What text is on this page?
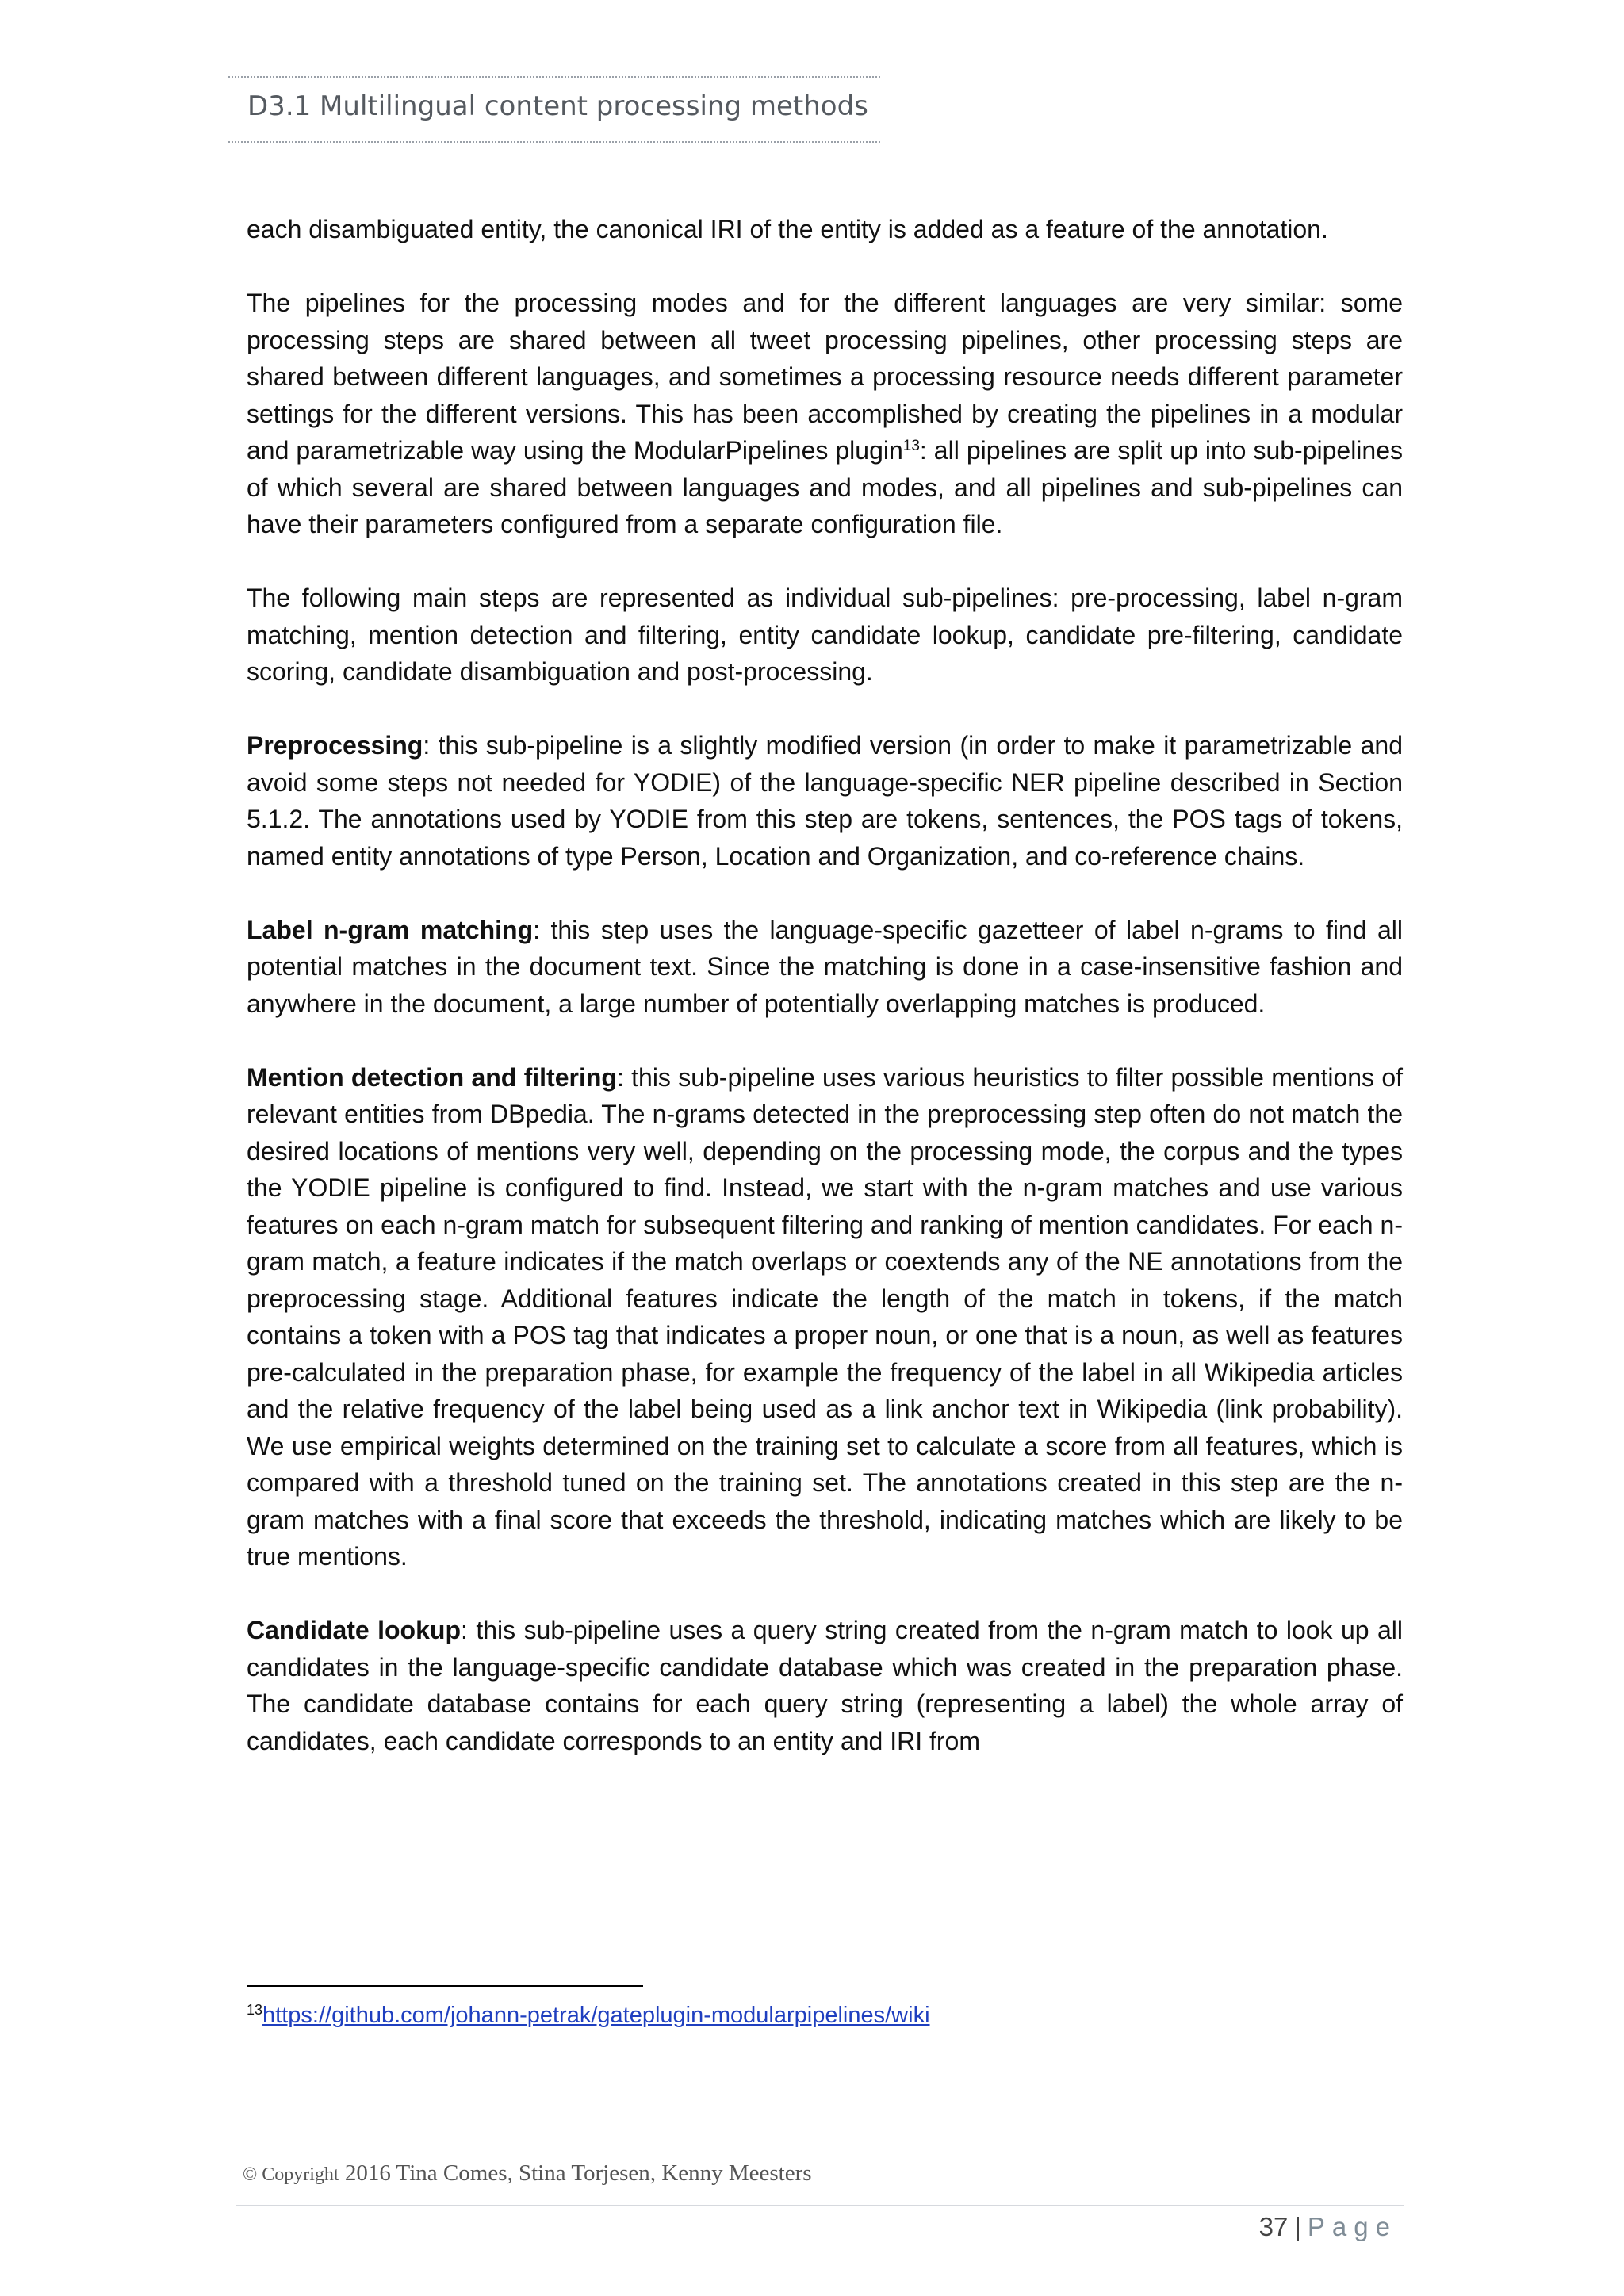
D3.1 Multilingual content processing methods

each disambiguated entity, the canonical IRI of the entity is added as a feature of the annotation.

The pipelines for the processing modes and for the different languages are very similar: some processing steps are shared between all tweet processing pipelines, other processing steps are shared between different languages, and sometimes a processing resource needs different parameter settings for the different versions. This has been accomplished by creating the pipelines in a modular and parametrizable way using the ModularPipelines plugin$^{13}$: all pipelines are split up into sub-pipelines of which several are shared between languages and modes, and all pipelines and sub-pipelines can have their parameters configured from a separate configuration file.

The following main steps are represented as individual sub-pipelines: pre-processing, label n-gram matching, mention detection and filtering, entity candidate lookup, candidate pre-filtering, candidate scoring, candidate disambiguation and post-processing.

Preprocessing: this sub-pipeline is a slightly modified version (in order to make it parametrizable and avoid some steps not needed for YODIE) of the language-specific NER pipeline described in Section 5.1.2. The annotations used by YODIE from this step are tokens, sentences, the POS tags of tokens, named entity annotations of type Person, Location and Organization, and co-reference chains.

Label n-gram matching: this step uses the language-specific gazetteer of label n-grams to find all potential matches in the document text. Since the matching is done in a case-insensitive fashion and anywhere in the document, a large number of potentially overlapping matches is produced.

Mention detection and filtering: this sub-pipeline uses various heuristics to filter possible mentions of relevant entities from DBpedia. The n-grams detected in the preprocessing step often do not match the desired locations of mentions very well, depending on the processing mode, the corpus and the types the YODIE pipeline is configured to find. Instead, we start with the n-gram matches and use various features on each n-gram match for subsequent filtering and ranking of mention candidates. For each n-gram match, a feature indicates if the match overlaps or coextends any of the NE annotations from the preprocessing stage. Additional features indicate the length of the match in tokens, if the match contains a token with a POS tag that indicates a proper noun, or one that is a noun, as well as features pre-calculated in the preparation phase, for example the frequency of the label in all Wikipedia articles and the relative frequency of the label being used as a link anchor text in Wikipedia (link probability). We use empirical weights determined on the training set to calculate a score from all features, which is compared with a threshold tuned on the training set. The annotations created in this step are the n-gram matches with a final score that exceeds the threshold, indicating matches which are likely to be true mentions.

Candidate lookup: this sub-pipeline uses a query string created from the n-gram match to look up all candidates in the language-specific candidate database which was created in the preparation phase. The candidate database contains for each query string (representing a label) the whole array of candidates, each candidate corresponds to an entity and IRI from

$^{13}$https://github.com/johann-petrak/gateplugin-modularpipelines/wiki
© Copyright 2016 Tina Comes, Stina Torjesen, Kenny Meesters
37 | Page
